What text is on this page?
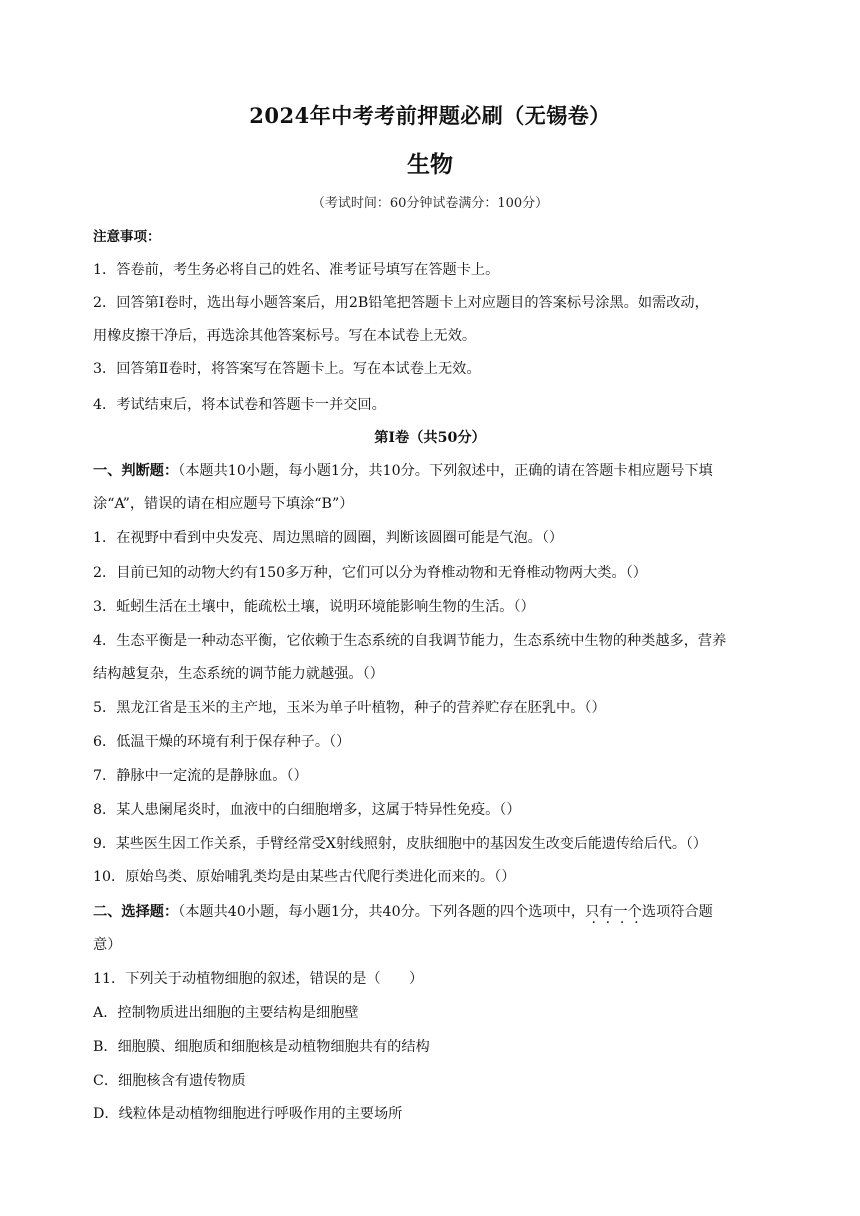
2024年中考考前押题必刷（无锡卷）
生物
（考试时间：60分钟试卷满分：100分）
注意事项：
1．答卷前，考生务必将自己的姓名、准考证号填写在答题卡上。
2．回答第Ⅰ卷时，选出每小题答案后，用2B铅笔把答题卡上对应题目的答案标号涂黑。如需改动，
用橡皮擦干净后，再选涂其他答案标号。写在本试卷上无效。
3．回答第Ⅱ卷时，将答案写在答题卡上。写在本试卷上无效。
4．考试结束后，将本试卷和答题卡一并交回。
第Ⅰ卷（共50分）
一、判断题：（本题共10小题，每小题1分，共10分。下列叙述中，正确的请在答题卡相应题号下填
涂“A”，错误的请在相应题号下填涂“B”）
1．在视野中看到中央发亮、周边黑暗的圆圈，判断该圆圈可能是气泡。（）
2．目前已知的动物大约有150多万种，它们可以分为脊椎动物和无脊椎动物两大类。（）
3．蚯蚓生活在土壤中，能疏松土壤，说明环境能影响生物的生活。（）
4．生态平衡是一种动态平衡，它依赖于生态系统的自我调节能力，生态系统中生物的种类越多，营养
结构越复杂，生态系统的调节能力就越强。（）
5．黑龙江省是玉米的主产地，玉米为单子叶植物，种子的营养贮存在胚乳中。（）
6．低温干燥的环境有利于保存种子。（）
7．静脉中一定流的是静脉血。（）
8．某人患阑尾炎时，血液中的白细胞增多，这属于特异性免疫。（）
9．某些医生因工作关系，手臂经常受X射线照射，皮肤细胞中的基因发生改变后能遗传给后代。（）
10．原始鸟类、原始哺乳类均是由某些古代爬行类进化而来的。（）
二、选择题：（本题共40小题，每小题1分，共40分。下列各题的四个选项中，只有一个选项符合题
意）
11．下列关于动植物细胞的叙述，错误的是（　　）
A．控制物质进出细胞的主要结构是细胞壁
B．细胞膜、细胞质和细胞核是动植物细胞共有的结构
C．细胞核含有遗传物质
D．线粒体是动植物细胞进行呼吸作用的主要场所
